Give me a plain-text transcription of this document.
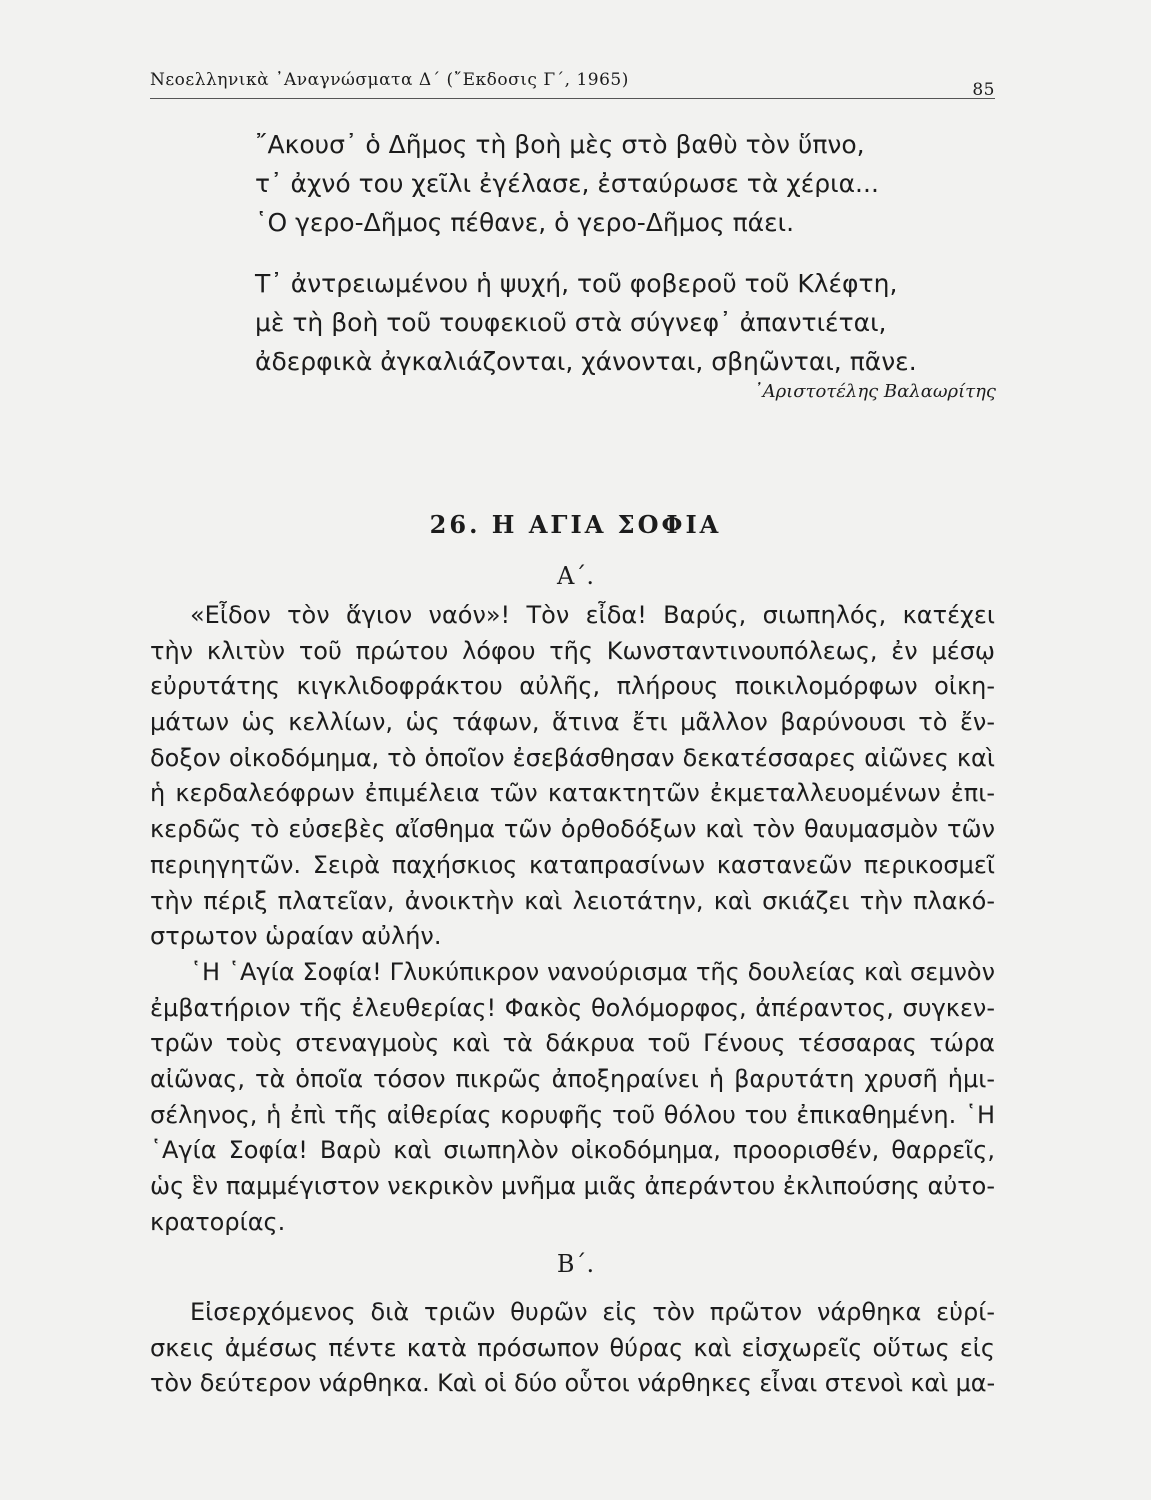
Νεοελληνικὰ ᾿Αναγνώσματα Δ΄ (῎Εκδοσις Γ΄, 1965)	85
῎Ακουσ᾿ ὁ Δῆμος τὴ βοὴ μὲς στὸ βαθὺ τὸν ὕπνο,
τ᾿ ἀχνό του χεῖλι ἐγέλασε, ἐσταύρωσε τὰ χέρια...
῾Ο γερο-Δῆμος πέθανε, ὁ γερο-Δῆμος πάει.
Τ᾿ ἀντρειωμένου ἡ ψυχή, τοῦ φοβεροῦ τοῦ Κλέφτη,
μὲ τὴ βοὴ τοῦ τουφεκιοῦ στὰ σύγνεφ᾿ ἀπαντιέται,
ἀδερφικὰ ἀγκαλιάζονται, χάνονται, σβηῶνται, πᾶνε.
᾿Αριστοτέλης Βαλαωρίτης
26. Η ΑΓΙΑ ΣΟΦΙΑ
Α΄.
«Εἶδον τὸν ἅγιον ναόν»! Τὸν εἶδα! Βαρύς, σιωπηλός, κατέχει
τὴν κλιτὺν τοῦ πρώτου λόφου τῆς Κωνσταντινουπόλεως, ἐν μέσῳ
εὐρυτάτης κιγκλιδοφράκτου αὐλῆς, πλήρους ποικιλομόρφων οἰκη-
μάτων ὡς κελλίων, ὡς τάφων, ἅτινα ἔτι μᾶλλον βαρύνουσι τὸ ἔν-
δοξον οἰκοδόμημα, τὸ ὁποῖον ἐσεβάσθησαν δεκατέσσαρες αἰῶνες καὶ
ἡ κερδαλεόφρων ἐπιμέλεια τῶν κατακτητῶν ἐκμεταλλευομένων ἐπι-
κερδῶς τὸ εὐσεβὲς αἴσθημα τῶν ὀρθοδόξων καὶ τὸν θαυμασμὸν τῶν
περιηγητῶν. Σειρὰ παχήσκιος καταπρασίνων καστανεῶν περικοσμεῖ
τὴν πέριξ πλατεῖαν, ἀνοικτὴν καὶ λειοτάτην, καὶ σκιάζει τὴν πλακό-
στρωτον ὡραίαν αὐλήν.
῾Η ῾Αγία Σοφία! Γλυκύπικρον νανούρισμα τῆς δουλείας καὶ σεμνὸν
ἐμβατήριον τῆς ἐλευθερίας! Φακὸς θολόμορφος, ἀπέραντος, συγκεν-
τρῶν τοὺς στεναγμοὺς καὶ τὰ δάκρυα τοῦ Γένους τέσσαρας τώρα
αἰῶνας, τὰ ὁποῖα τόσον πικρῶς ἀποξηραίνει ἡ βαρυτάτη χρυσῆ ἡμι-
σέληνος, ἡ ἐπὶ τῆς αἰθερίας κορυφῆς τοῦ θόλου του ἐπικαθημένη. ῾Η
῾Αγία Σοφία! Βαρὺ καὶ σιωπηλὸν οἰκοδόμημα, προορισθέν, θαρρεῖς,
ὡς ἓν παμμέγιστον νεκρικὸν μνῆμα μιᾶς ἀπεράντου ἐκλιπούσης αὐτο-
κρατορίας.
Β΄.
Εἰσερχόμενος διὰ τριῶν θυρῶν εἰς τὸν πρῶτον νάρθηκα εὑρί-
σκεις ἀμέσως πέντε κατὰ πρόσωπον θύρας καὶ εἰσχωρεῖς οὕτως εἰς
τὸν δεύτερον νάρθηκα. Καὶ οἱ δύο οὗτοι νάρθηκες εἶναι στενοὶ καὶ μα-
